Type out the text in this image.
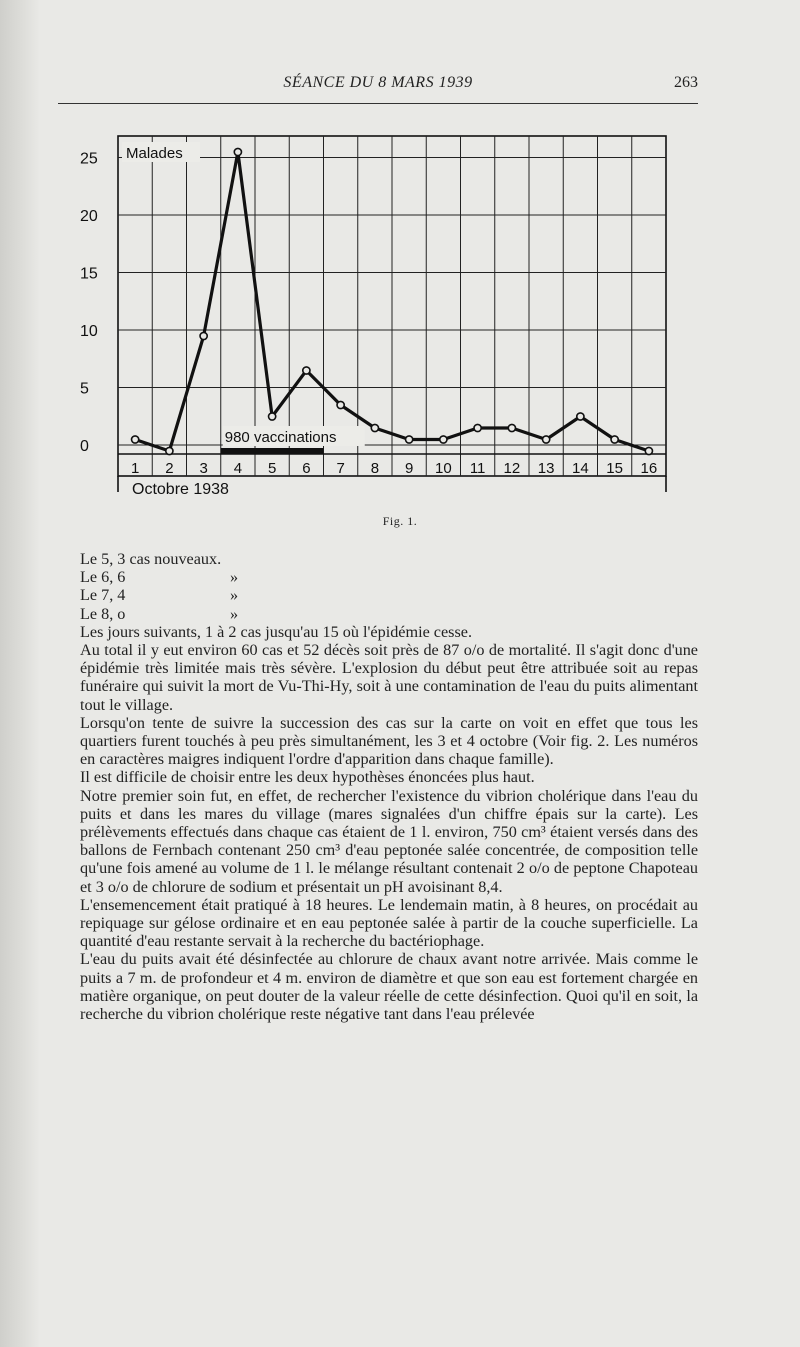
SÉANCE DU 8 MARS 1939	263
0
5
10
15
20
25
1 2 3 4 5 6 7 8 9 10 11 12 13 14 15 16
Octobre 1938
Malades
980 vaccinations
Fig. 1.
Le 5, 3 cas nouveaux.
Le 6, 6	»
Le 7, 4	»
Le 8, o	»

Les jours suivants, 1 à 2 cas jusqu'au 15 où l'épidémie cesse.

Au total il y eut environ 60 cas et 52 décès soit près de 87 o/o de mortalité. Il s'agit donc d'une épidémie très limitée mais très sévère. L'explosion du début peut être attribuée soit au repas funéraire qui suivit la mort de Vu-Thi-Hy, soit à une contamination de l'eau du puits alimentant tout le village.

Lorsqu'on tente de suivre la succession des cas sur la carte on voit en effet que tous les quartiers furent touchés à peu près simultanément, les 3 et 4 octobre (Voir fig. 2. Les numéros en caractères maigres indiquent l'ordre d'apparition dans chaque famille).

Il est difficile de choisir entre les deux hypothèses énoncées plus haut.

Notre premier soin fut, en effet, de rechercher l'existence du vibrion cholérique dans l'eau du puits et dans les mares du village (mares signalées d'un chiffre épais sur la carte). Les prélèvements effectués dans chaque cas étaient de 1 l. environ, 750 cm³ étaient versés dans des ballons de Fernbach contenant 250 cm³ d'eau peptonée salée concentrée, de composition telle qu'une fois amené au volume de 1 l. le mélange résultant contenait 2 o/o de peptone Chapoteau et 3 o/o de chlorure de sodium et présentait un pH avoisinant 8,4.

L'ensemencement était pratiqué à 18 heures. Le lendemain matin, à 8 heures, on procédait au repiquage sur gélose ordinaire et en eau peptonée salée à partir de la couche superficielle. La quantité d'eau restante servait à la recherche du bactériophage.

L'eau du puits avait été désinfectée au chlorure de chaux avant notre arrivée. Mais comme le puits a 7 m. de profondeur et 4 m. environ de diamètre et que son eau est fortement chargée en matière organique, on peut douter de la valeur réelle de cette désinfection. Quoi qu'il en soit, la recherche du vibrion cholérique reste négative tant dans l'eau prélevée
